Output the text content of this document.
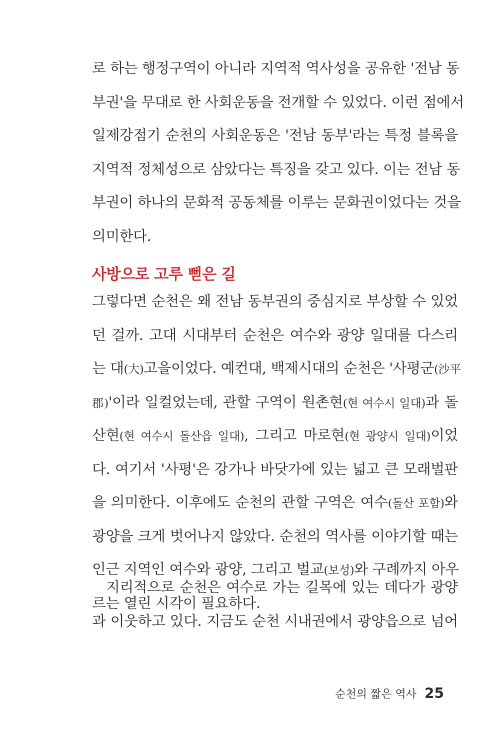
로 하는 행정구역이 아니라 지역적 역사성을 공유한 '전남 동
부권'을 무대로 한 사회운동을 전개할 수 있었다. 이런 점에서
일제강점기 순천의 사회운동은 '전남 동부'라는 특정 블록을
지역적 정체성으로 삼았다는 특징을 갖고 있다. 이는 전남 동
부권이 하나의 문화적 공동체를 이루는 문화권이었다는 것을
의미한다.
사방으로 고루 뻗은 길
그렇다면 순천은 왜 전남 동부권의 중심지로 부상할 수 있었
던 걸까. 고대 시대부터 순천은 여수와 광양 일대를 다스리
는 대(大)고을이었다. 예컨대, 백제시대의 순천은 '사평군(沙平
郡)'이라 일컬었는데, 관할 구역이 원촌현(현 여수시 일대)과 돌
산현(현 여수시 돌산읍 일대), 그리고 마로현(현 광양시 일대)이었
다. 여기서 '사평'은 강가나 바닷가에 있는 넓고 큰 모래벌판
을 의미한다. 이후에도 순천의 관할 구역은 여수(돌산 포함)와
광양을 크게 벗어나지 않았다. 순천의 역사를 이야기할 때는
인근 지역인 여수와 광양, 그리고 벌교(보성)와 구례까지 아우
르는 열린 시각이 필요하다.
지리적으로 순천은 여수로 가는 길목에 있는 데다가 광양
과 이웃하고 있다. 지금도 순천 시내권에서 광양읍으로 넘어
순천의 짧은 역사 25
